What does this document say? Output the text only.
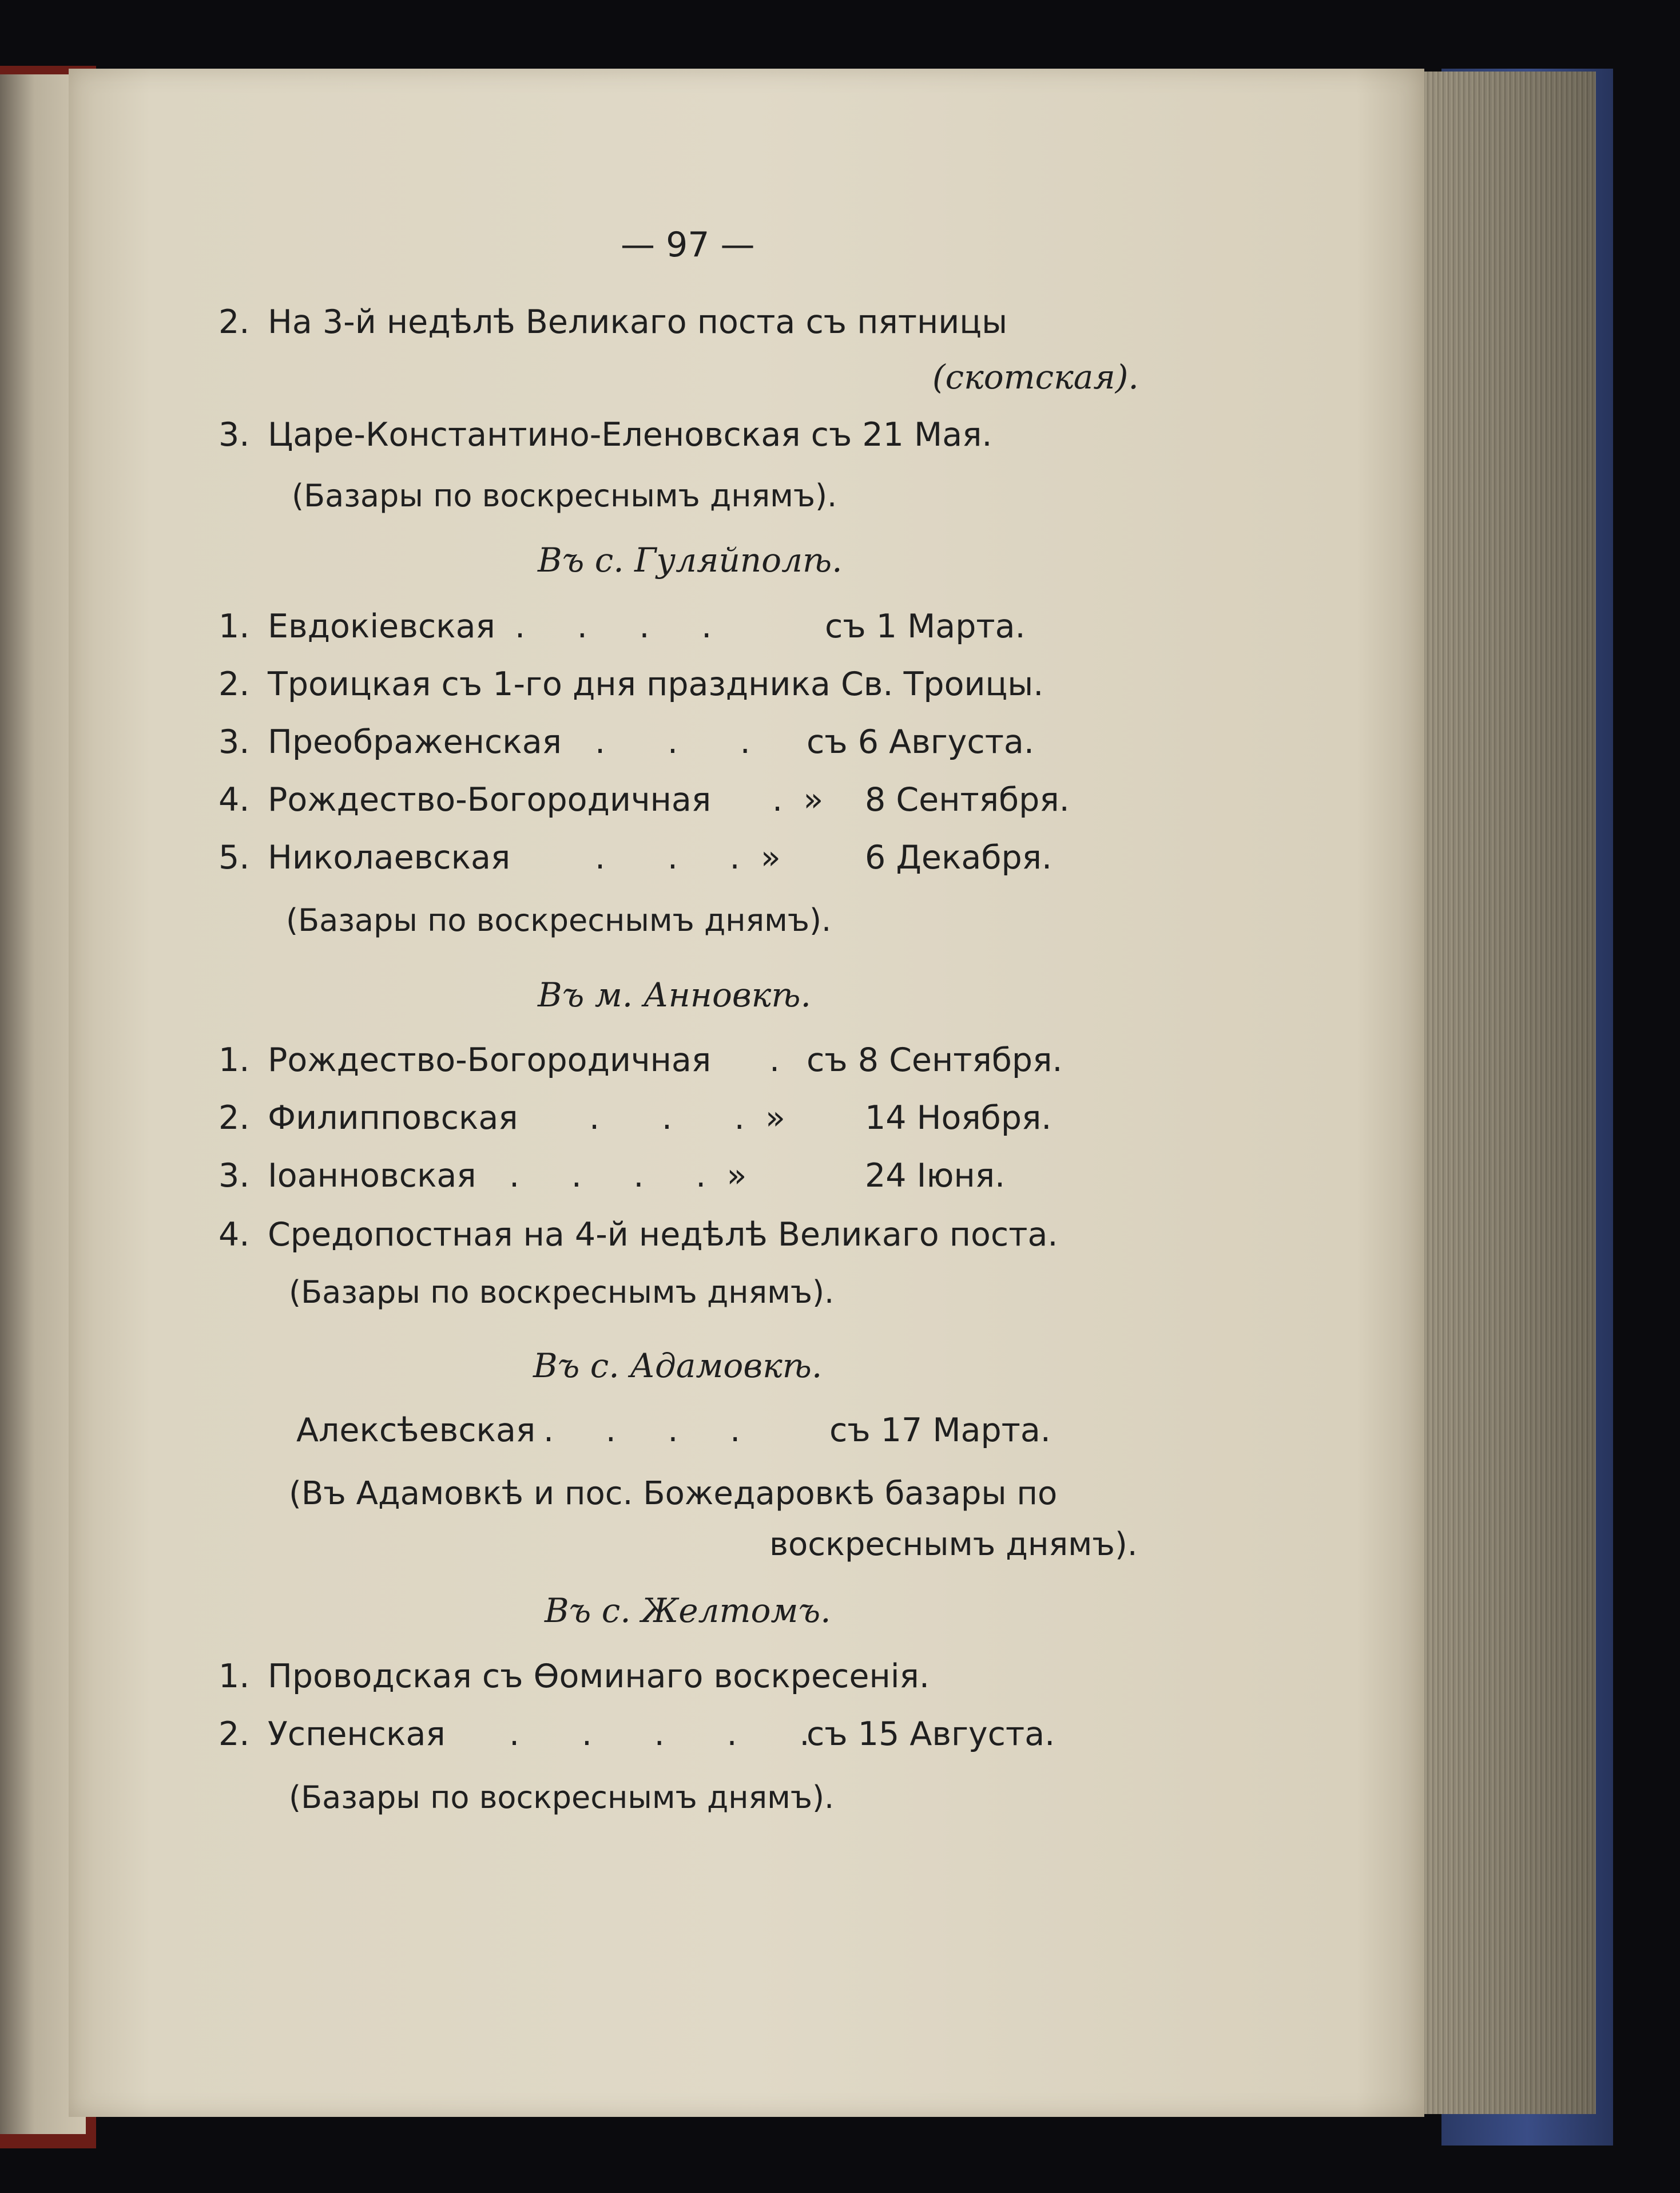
— 97 —
2. На 3-й недѣлѣ Великаго поста съ пятницы
(скотская).
3. Царе-Константино-Еленовская съ 21 Мая.
(Базары по воскреснымъ днямъ).
Въ с. Гуляйполѣ.
1. Евдокіевская .     .     .     .	съ 1 Марта.
2. Троицкая съ 1-го дня праздника Св. Троицы.
3. Преображенская .      .      . съ 6 Августа.
4. Рождество-Богородичная .  » 8 Сентября.
5. Николаевская	.      .     .  »	6 Декабря.
(Базары по воскреснымъ днямъ).
Въ м. Анновкѣ.
1. Рождество-Богородичная . съ 8 Сентября.
2. Филипповская .      .      .  » 14 Ноября.
3. Іоанновская .     .     .     .  »	24 Іюня.
4. Средопостная на 4-й недѣлѣ Великаго поста.
(Базары по воскреснымъ днямъ).
Въ с. Адамовкѣ.
Алексѣевская .     .     .     .	съ 17 Марта.
(Въ Адамовкѣ и пос. Божедаровкѣ базары по
воскреснымъ днямъ).
Въ с. Желтомъ.
1. Проводская съ Ѳоминаго воскресенія.
2. Успенская .      .      .      .      .
съ 15 Августа.
(Базары по воскреснымъ днямъ).
